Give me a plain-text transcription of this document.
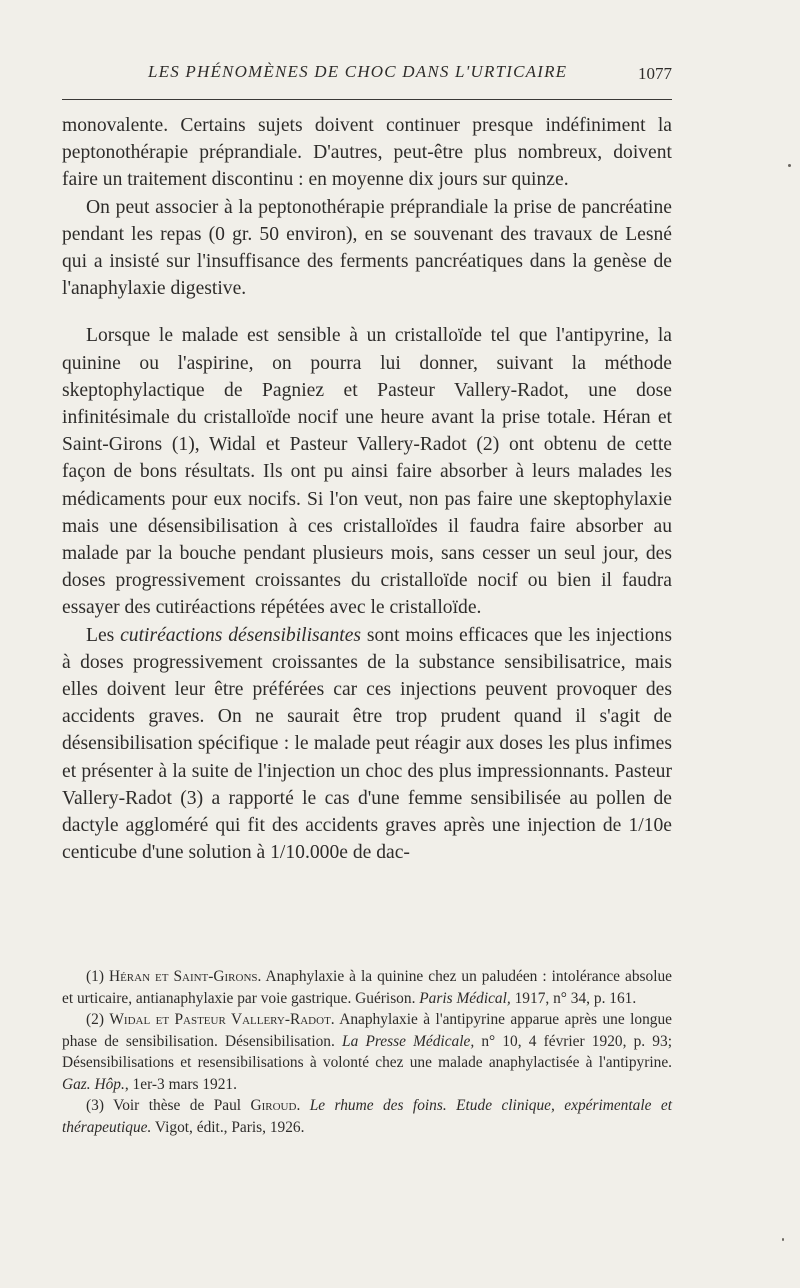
LES PHÉNOMÈNES DE CHOC DANS L'URTICAIRE	1077

monovalente. Certains sujets doivent continuer presque indéfiniment la peptonothérapie préprandiale. D'autres, peut-être plus nombreux, doivent faire un traitement discontinu : en moyenne dix jours sur quinze.

On peut associer à la peptonothérapie préprandiale la prise de pancréatine pendant les repas (0 gr. 50 environ), en se souvenant des travaux de Lesné qui a insisté sur l'insuffisance des ferments pancréatiques dans la genèse de l'anaphylaxie digestive.

Lorsque le malade est sensible à un cristalloïde tel que l'antipyrine, la quinine ou l'aspirine, on pourra lui donner, suivant la méthode skeptophylactique de Pagniez et Pasteur Vallery-Radot, une dose infinitésimale du cristalloïde nocif une heure avant la prise totale. Héran et Saint-Girons (1), Widal et Pasteur Vallery-Radot (2) ont obtenu de cette façon de bons résultats. Ils ont pu ainsi faire absorber à leurs malades les médicaments pour eux nocifs. Si l'on veut, non pas faire une skeptophylaxie mais une désensibilisation à ces cristalloïdes il faudra faire absorber au malade par la bouche pendant plusieurs mois, sans cesser un seul jour, des doses progressivement croissantes du cristalloïde nocif ou bien il faudra essayer des cutiréactions répétées avec le cristalloïde.

Les cutiréactions désensibilisantes sont moins efficaces que les injections à doses progressivement croissantes de la substance sensibilisatrice, mais elles doivent leur être préférées car ces injections peuvent provoquer des accidents graves. On ne saurait être trop prudent quand il s'agit de désensibilisation spécifique : le malade peut réagir aux doses les plus infimes et présenter à la suite de l'injection un choc des plus impressionnants. Pasteur Vallery-Radot (3) a rapporté le cas d'une femme sensibilisée au pollen de dactyle aggloméré qui fit des accidents graves après une injection de 1/10e centicube d'une solution à 1/10.000e de dac-

(1) Héran et Saint-Girons. Anaphylaxie à la quinine chez un paludéen : intolérance absolue et urticaire, antianaphylaxie par voie gastrique. Guérison. Paris Médical, 1917, n° 34, p. 161.

(2) Widal et Pasteur Vallery-Radot. Anaphylaxie à l'antipyrine apparue après une longue phase de sensibilisation. Désensibilisation. La Presse Médicale, n° 10, 4 février 1920, p. 93; Désensibilisations et resensibilisations à volonté chez une malade anaphylactisée à l'antipyrine. Gaz. Hôp., 1er-3 mars 1921.

(3) Voir thèse de Paul Giroud. Le rhume des foins. Etude clinique, expérimentale et thérapeutique. Vigot, édit., Paris, 1926.
